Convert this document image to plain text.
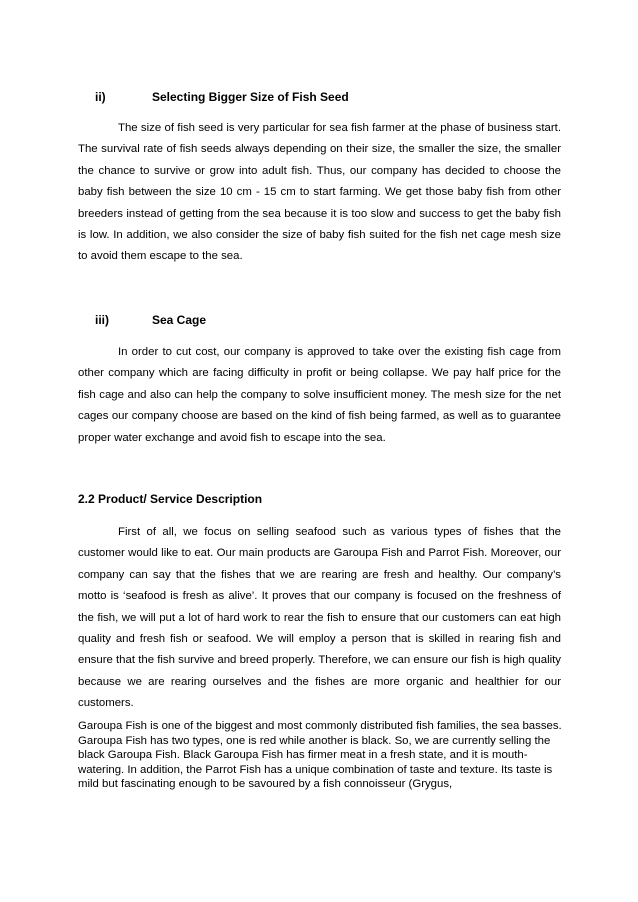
ii)	Selecting Bigger Size of Fish Seed

The size of fish seed is very particular for sea fish farmer at the phase of business start. The survival rate of fish seeds always depending on their size, the smaller the size, the smaller the chance to survive or grow into adult fish. Thus, our company has decided to choose the baby fish between the size 10 cm - 15 cm to start farming. We get those baby fish from other breeders instead of getting from the sea because it is too slow and success to get the baby fish is low. In addition, we also consider the size of baby fish suited for the fish net cage mesh size to avoid them escape to the sea.

iii)	Sea Cage

In order to cut cost, our company is approved to take over the existing fish cage from other company which are facing difficulty in profit or being collapse. We pay half price for the fish cage and also can help the company to solve insufficient money. The mesh size for the net cages our company choose are based on the kind of fish being farmed, as well as to guarantee proper water exchange and avoid fish to escape into the sea.

2.2 Product/ Service Description

First of all, we focus on selling seafood such as various types of fishes that the customer would like to eat. Our main products are Garoupa Fish and Parrot Fish. Moreover, our company can say that the fishes that we are rearing are fresh and healthy. Our company’s motto is ‘seafood is fresh as alive’. It proves that our company is focused on the freshness of the fish, we will put a lot of hard work to rear the fish to ensure that our customers can eat high quality and fresh fish or seafood. We will employ a person that is skilled in rearing fish and ensure that the fish survive and breed properly. Therefore, we can ensure our fish is high quality because we are rearing ourselves and the fishes are more organic and healthier for our customers.

Garoupa Fish is one of the biggest and most commonly distributed fish families, the sea basses. Garoupa Fish has two types, one is red while another is black. So, we are currently selling the black Garoupa Fish. Black Garoupa Fish has firmer meat in a fresh state, and it is mouth-watering. In addition, the Parrot Fish has a unique combination of taste and texture. Its taste is mild but fascinating enough to be savoured by a fish connoisseur (Grygus,
